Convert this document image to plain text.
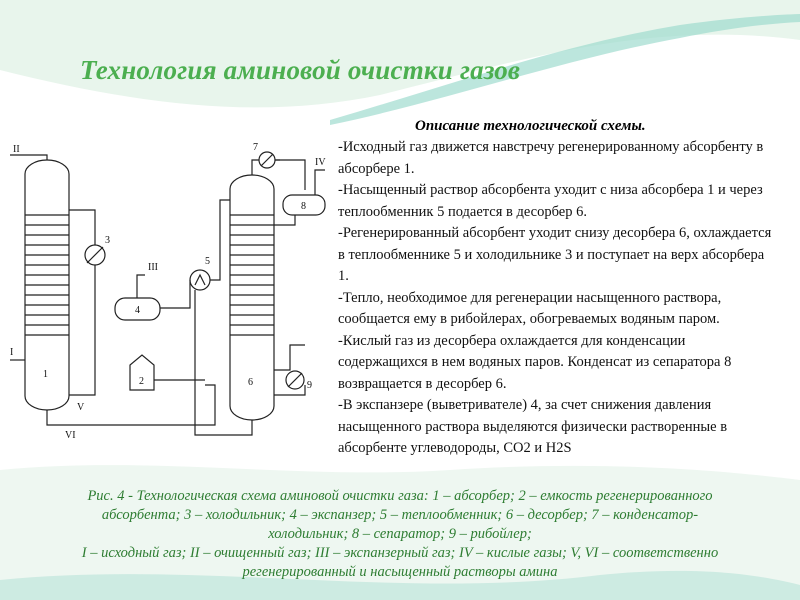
Технология аминовой очистки газов
Описание технологической схемы.

-Исходный газ движется навстречу регенерированному абсорбенту в абсорбере 1.

-Насыщенный раствор абсорбента уходит с низа абсорбера 1 и через теплообменник 5 подается в десорбер 6.

-Регенерированный абсорбент уходит снизу десорбера 6, охлаждается в теплообменнике 5 и холодильнике 3 и поступает на верх абсорбера 1.

-Тепло, необходимое для регенерации насыщенного раствора, сообщается ему в рибойлерах, обогреваемых водяным паром.

-Кислый газ из десорбера охлаждается для конденсации содержащихся в нем водяных паров. Конденсат из сепаратора 8 возвращается в десорбер 6.

-В экспанзере (выветривателе) 4, за счет снижения давления насыщенного раствора выделяются физически растворенные в абсорбенте углеводороды, CO2 и H2S

II
I
III
IV
V
VI
1
2
3
4
5
6
7
8
9
Рис. 4 - Технологическая схема аминовой очистки газа: 1 – абсорбер; 2 – емкость регенерированного
абсорбента; 3 – холодильник; 4 – экспанзер; 5 – теплообменник; 6 – десорбер; 7 – конденсатор-
холодильник; 8 – сепаратор; 9 – рибойлер;
I – исходный газ; II – очищенный газ; III – экспанзерный газ; IV – кислые газы; V, VI – соответственно
регенерированный и насыщенный растворы амина
